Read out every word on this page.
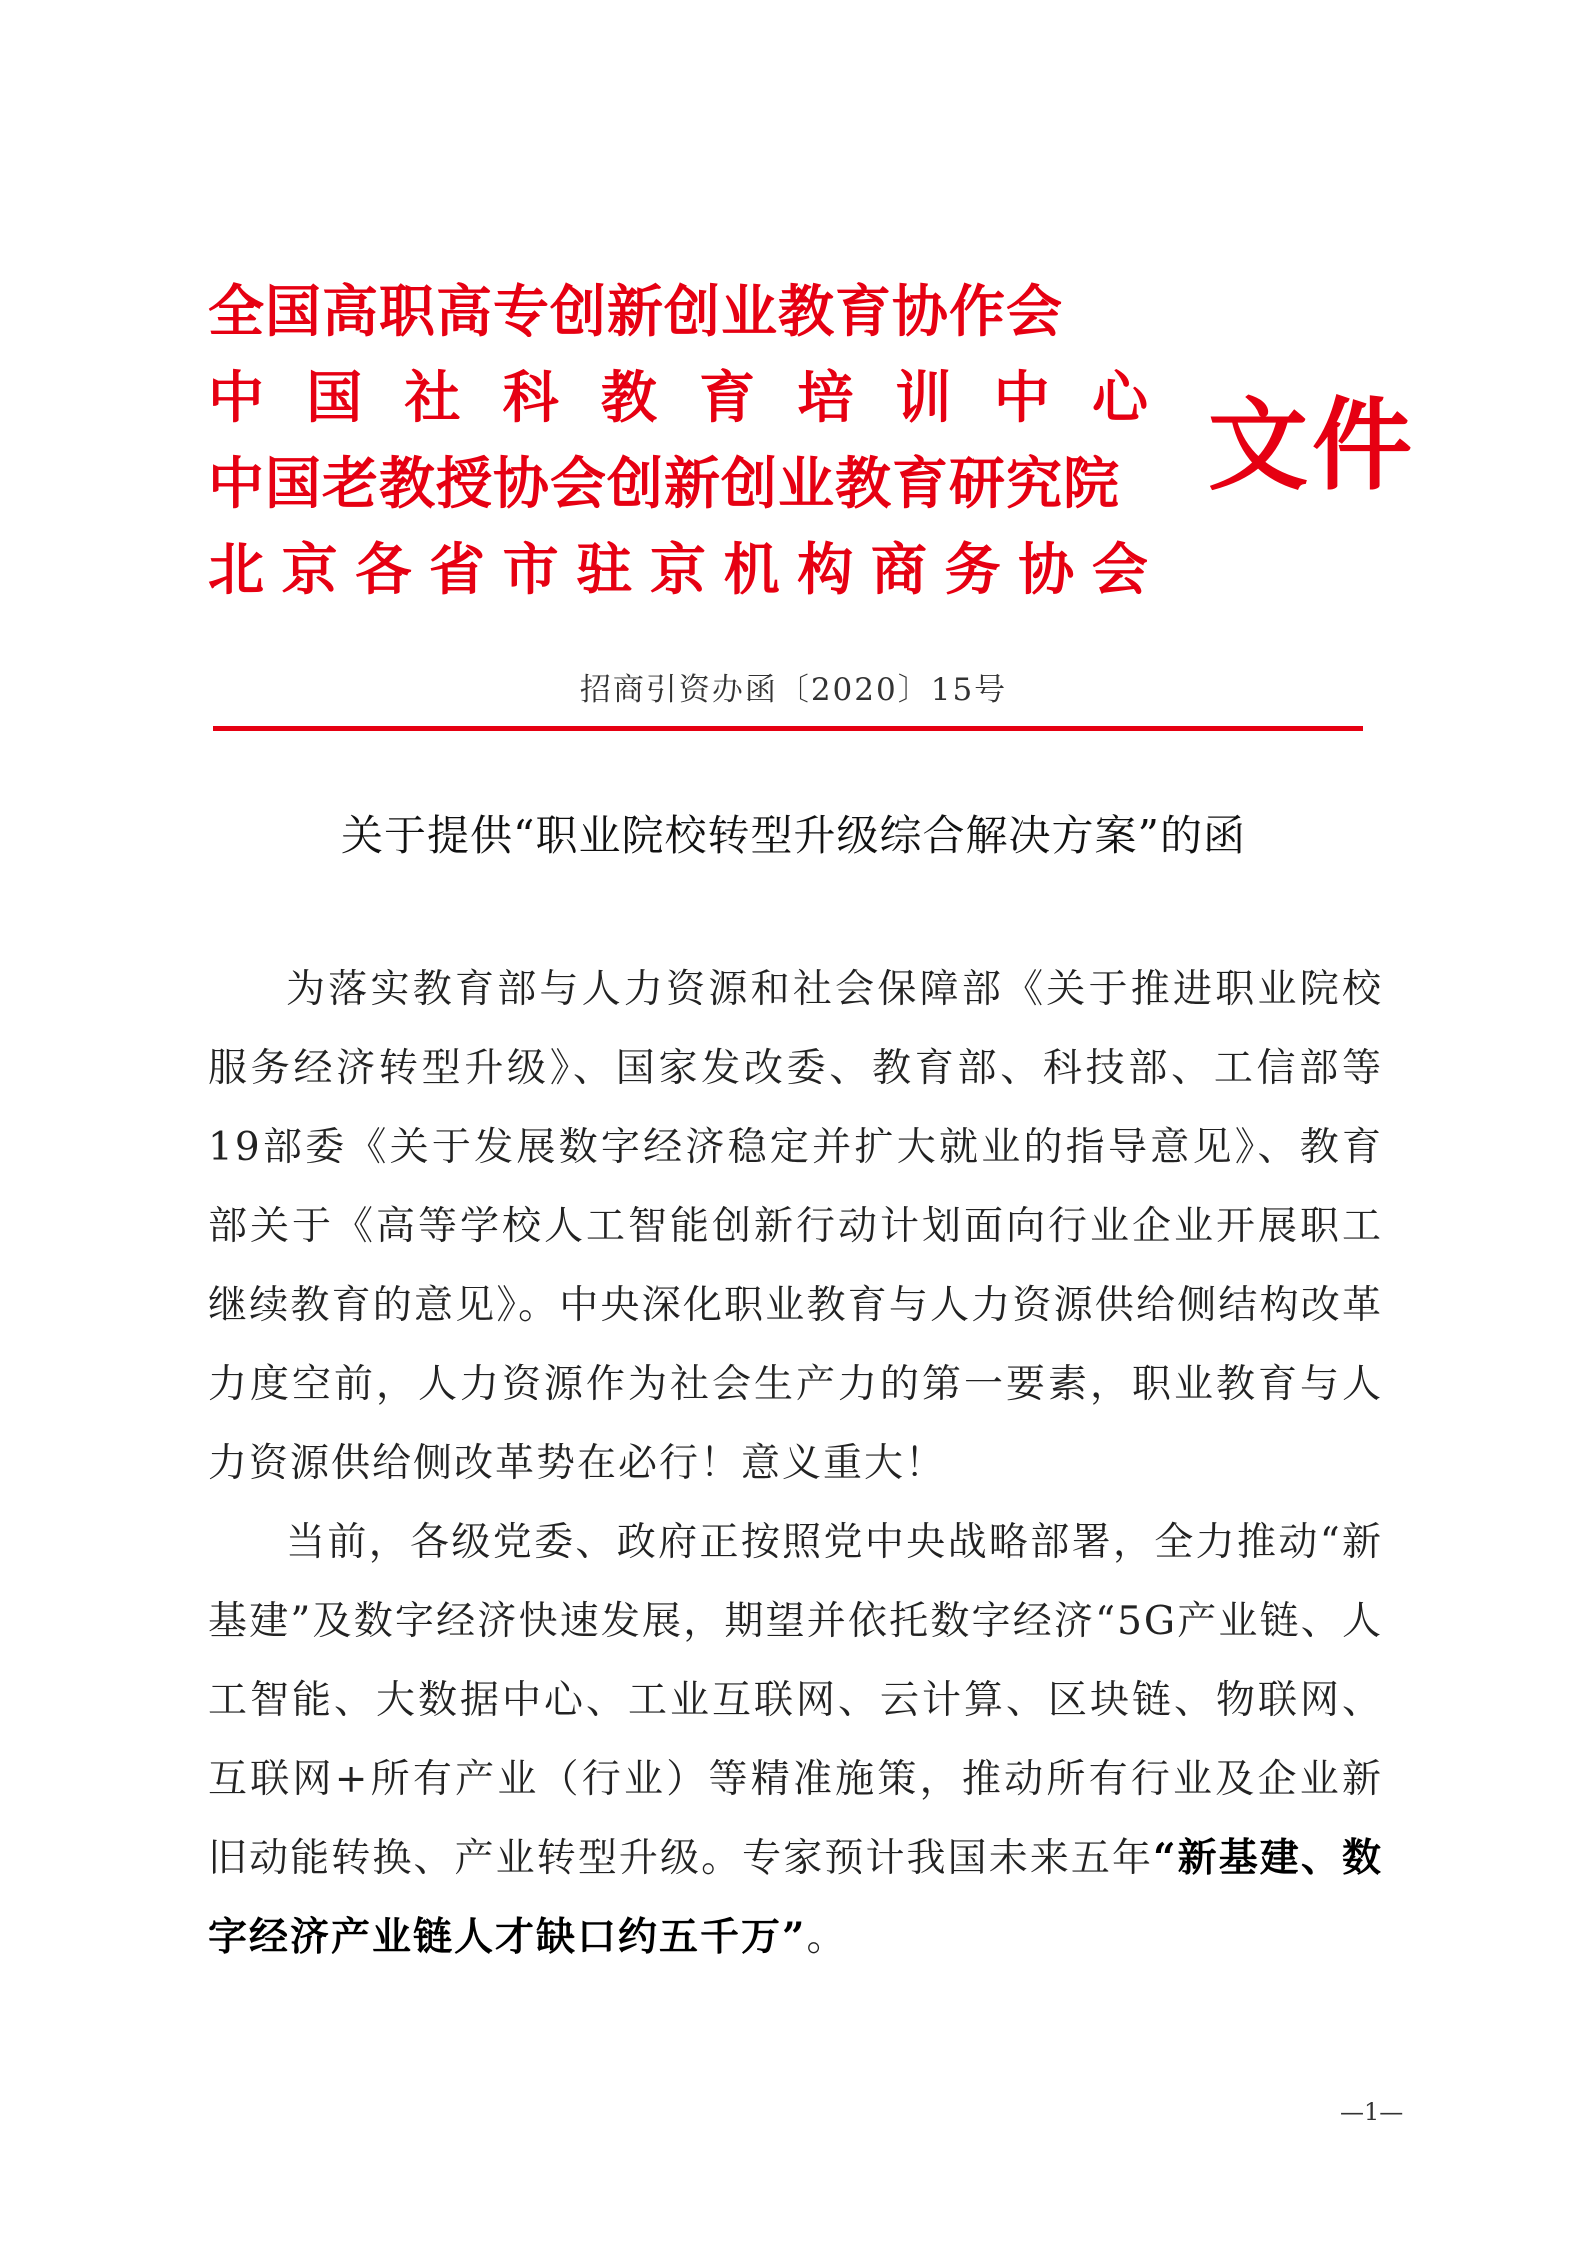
全国高职高专创新创业教育协作会
中 国 社 科 教 育 培 训 中 心
中国老教授协会创新创业教育研究院
北 京 各 省 市 驻 京 机 构 商 务 协 会
文件
招商引资办函〔2020〕15号
关于提供“职业院校转型升级综合解决方案”的函

为落实教育部与人力资源和社会保障部《关于推进职业院校服务经济转型升级》、国家发改委、教育部、科技部、工信部等19部委《关于发展数字经济稳定并扩大就业的指导意见》、教育部关于《高等学校人工智能创新行动计划面向行业企业开展职工继续教育的意见》。中央深化职业教育与人力资源供给侧结构改革力度空前，人力资源作为社会生产力的第一要素，职业教育与人力资源供给侧改革势在必行！意义重大！

当前，各级党委、政府正按照党中央战略部署，全力推动“新基建”及数字经济快速发展，期望并依托数字经济“5G产业链、人工智能、大数据中心、工业互联网、云计算、区块链、物联网、互联网+所有产业（行业）等精准施策，推动所有行业及企业新旧动能转换、产业转型升级。专家预计我国未来五年“新基建、数字经济产业链人才缺口约五千万”。

—1—
